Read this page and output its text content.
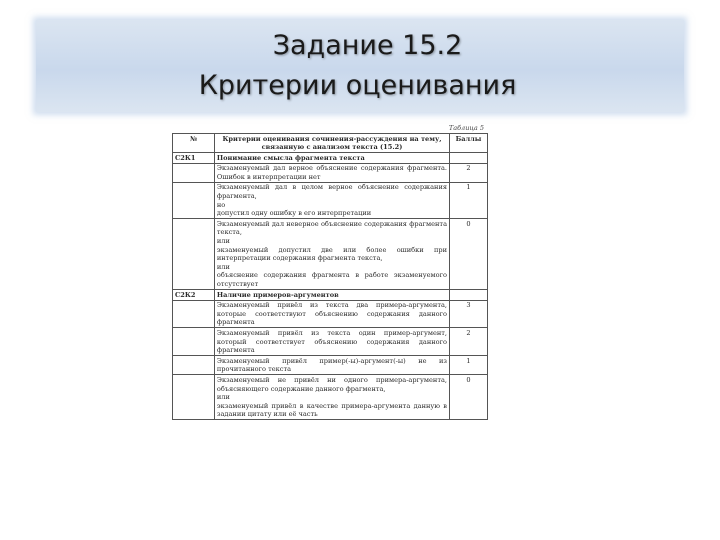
Задание 15.2
Критерии оценивания
Таблица 5
№	Критерии оценивания сочинения-рассуждения на тему, связанную с анализом текста (15.2)	Баллы
С2К1	Понимание смысла фрагмента текста	

	Экзаменуемый дал верное объяснение содержания фрагмента. Ошибок в интерпретации нет	2

	Экзаменуемый дал в целом верное объяснение содержания фрагмента,
но
допустил одну ошибку в его интерпретации	1

	Экзаменуемый дал неверное объяснение содержания фрагмента текста,
или
экзаменуемый допустил две или более ошибки при интерпретации содержания фрагмента текста,
или
объяснение содержания фрагмента в работе экзаменуемого отсутствует	0
С2К2	Наличие примеров-аргументов	

	Экзаменуемый привёл из текста два примера-аргумента, которые соответствуют объяснению содержания данного фрагмента	3

	Экзаменуемый привёл из текста один пример-аргумент, который соответствует объяснению содержания данного фрагмента	2

	Экзаменуемый привёл пример(-ы)-аргумент(-ы) не из прочитанного текста	1

	Экзаменуемый не привёл ни одного примера-аргумента, объясняющего содержание данного фрагмента,
или
экзаменуемый привёл в качестве примера-аргумента данную в задании цитату или её часть	0
